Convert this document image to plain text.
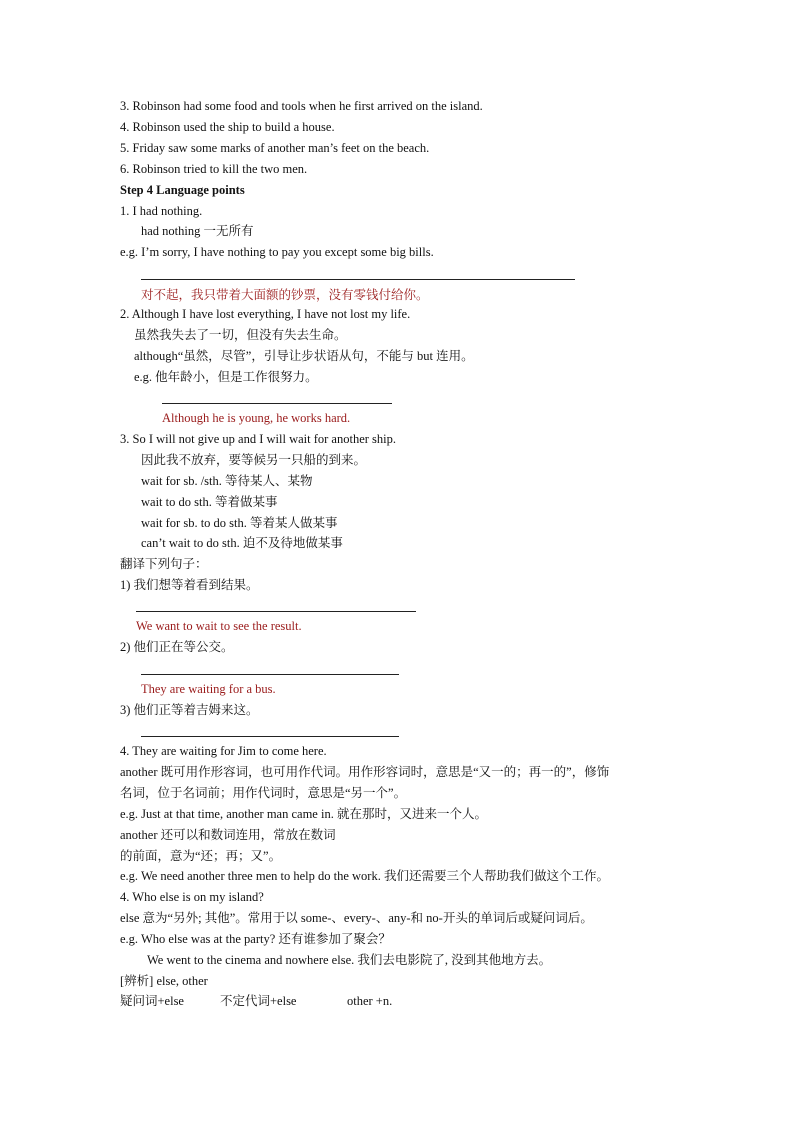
3. Robinson had some food and tools when he first arrived on the island.
4. Robinson used the ship to build a house.
5. Friday saw some marks of another man’s feet on the beach.
6. Robinson tried to kill the two men.
Step 4 Language points
1. I had nothing.
had nothing 一无所有
e.g. I’m sorry, I have nothing to pay you except some big bills.
对不起，我只带着大面额的钞票，没有零钱付给你。
2. Although I have lost everything, I have not lost my life.
虽然我失去了一切，但没有失去生命。
although“虽然，尽管”，引导让步状语从句，不能与 but 连用。
e.g. 他年龄小，但是工作很努力。
Although he is young, he works hard.
3. So I will not give up and I will wait for another ship.
因此我不放弃，要等候另一只船的到来。
wait for sb. /sth. 等待某人、某物
wait to do sth. 等着做某事
wait for sb. to do sth. 等着某人做某事
can’t wait to do sth. 迫不及待地做某事
翻译下列句子：
1) 我们想等着看到结果。
We want to wait to see the result.
2) 他们正在等公交。
They are waiting for a bus.
3) 他们正等着吉姆来这。
4. They are waiting for Jim to come here.
another 既可用作形容词，也可用作代词。用作形容词时，意思是“又一的；再一的”，修饰
名词，位于名词前；用作代词时，意思是“另一个”。
e.g. Just at that time, another man came in. 就在那时，又进来一个人。
another 还可以和数词连用，常放在数词
的前面，意为“还；再；又”。
e.g. We need another three men to help do the work. 我们还需要三个人帮助我们做这个工作。
4. Who else is on my island?
else 意为“另外; 其他”。常用于以 some-、every-、any-和 no-开头的单词后或疑问词后。
e.g. Who else was at the party? 还有谁参加了聚会？
We went to the cinema and nowhere else. 我们去电影院了, 没到其他地方去。
[辨析] else, other
疑问词+else	不定代词+else	other +n.
